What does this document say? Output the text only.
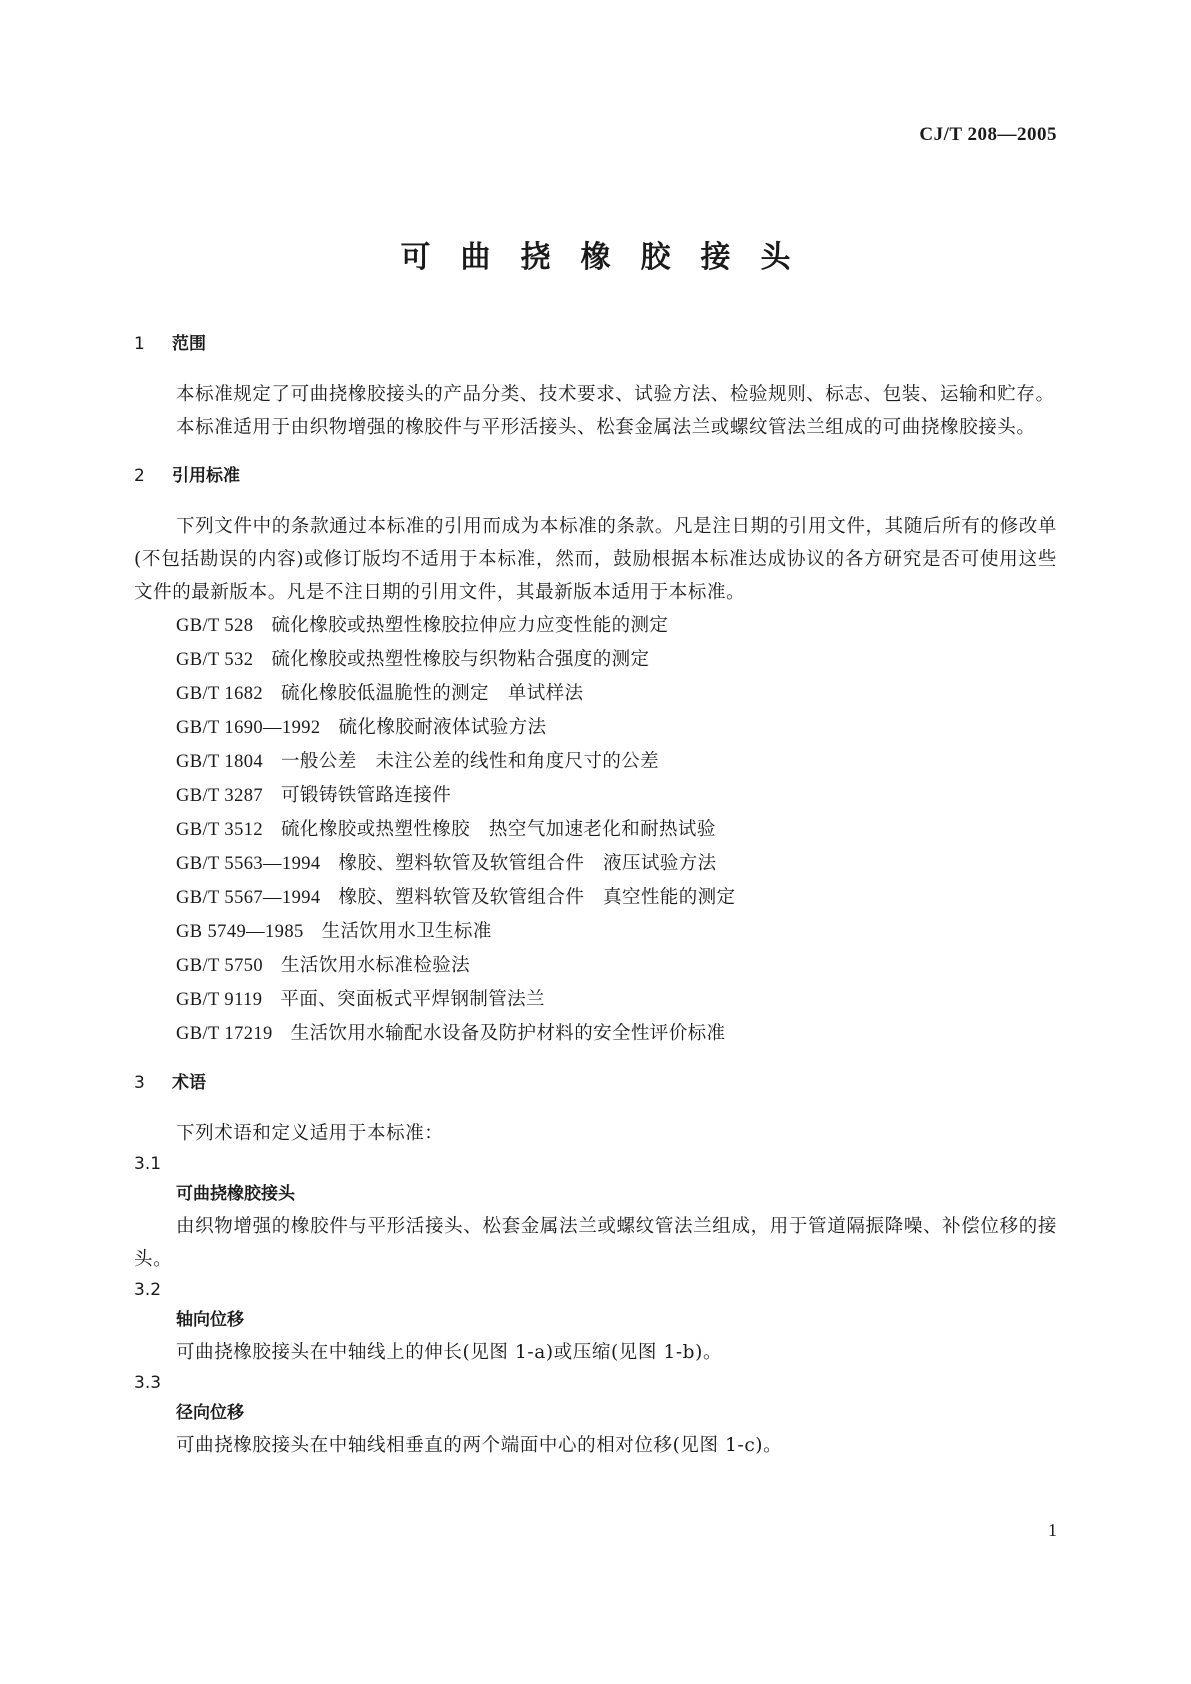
CJ/T 208—2005
可曲挠橡胶接头
1 范围
本标准规定了可曲挠橡胶接头的产品分类、技术要求、试验方法、检验规则、标志、包装、运输和贮存。
本标准适用于由织物增强的橡胶件与平形活接头、松套金属法兰或螺纹管法兰组成的可曲挠橡胶接头。
2 引用标准
下列文件中的条款通过本标准的引用而成为本标准的条款。凡是注日期的引用文件，其随后所有的修改单(不包括勘误的内容)或修订版均不适用于本标准，然而，鼓励根据本标准达成协议的各方研究是否可使用这些文件的最新版本。凡是不注日期的引用文件，其最新版本适用于本标准。
GB/T 528 硫化橡胶或热塑性橡胶拉伸应力应变性能的测定
GB/T 532 硫化橡胶或热塑性橡胶与织物粘合强度的测定
GB/T 1682 硫化橡胶低温脆性的测定　单试样法
GB/T 1690—1992 硫化橡胶耐液体试验方法
GB/T 1804 一般公差　未注公差的线性和角度尺寸的公差
GB/T 3287 可锻铸铁管路连接件
GB/T 3512 硫化橡胶或热塑性橡胶　热空气加速老化和耐热试验
GB/T 5563—1994 橡胶、塑料软管及软管组合件　液压试验方法
GB/T 5567—1994 橡胶、塑料软管及软管组合件　真空性能的测定
GB 5749—1985 生活饮用水卫生标准
GB/T 5750 生活饮用水标准检验法
GB/T 9119 平面、突面板式平焊钢制管法兰
GB/T 17219 生活饮用水输配水设备及防护材料的安全性评价标准
3 术语
下列术语和定义适用于本标准：
3.1
可曲挠橡胶接头
由织物增强的橡胶件与平形活接头、松套金属法兰或螺纹管法兰组成，用于管道隔振降噪、补偿位移的接头。
3.2
轴向位移
可曲挠橡胶接头在中轴线上的伸长(见图 1-a)或压缩(见图 1-b)。
3.3
径向位移
可曲挠橡胶接头在中轴线相垂直的两个端面中心的相对位移(见图 1-c)。
1
